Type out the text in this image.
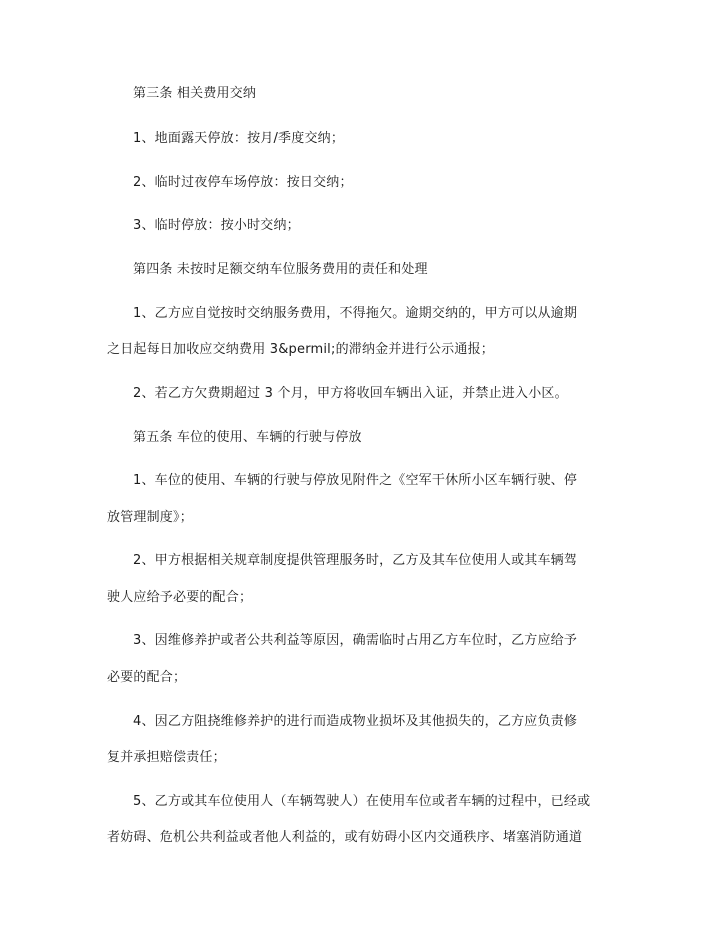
第三条 相关费用交纳
1、地面露天停放：按月/季度交纳；
2、临时过夜停车场停放：按日交纳；
3、临时停放：按小时交纳；
第四条 未按时足额交纳车位服务费用的责任和处理
1、乙方应自觉按时交纳服务费用，不得拖欠。逾期交纳的，甲方可以从逾期
之日起每日加收应交纳费用 3&permil;的滞纳金并进行公示通报；
2、若乙方欠费期超过 3 个月，甲方将收回车辆出入证，并禁止进入小区。
第五条 车位的使用、车辆的行驶与停放
1、车位的使用、车辆的行驶与停放见附件之《空军干休所小区车辆行驶、停
放管理制度》；
2、甲方根据相关规章制度提供管理服务时，乙方及其车位使用人或其车辆驾
驶人应给予必要的配合；
3、因维修养护或者公共利益等原因，确需临时占用乙方车位时，乙方应给予
必要的配合；
4、因乙方阻挠维修养护的进行而造成物业损坏及其他损失的，乙方应负责修
复并承担赔偿责任；
5、乙方或其车位使用人（车辆驾驶人）在使用车位或者车辆的过程中，已经或
者妨碍、危机公共利益或者他人利益的，或有妨碍小区内交通秩序、堵塞消防通道
